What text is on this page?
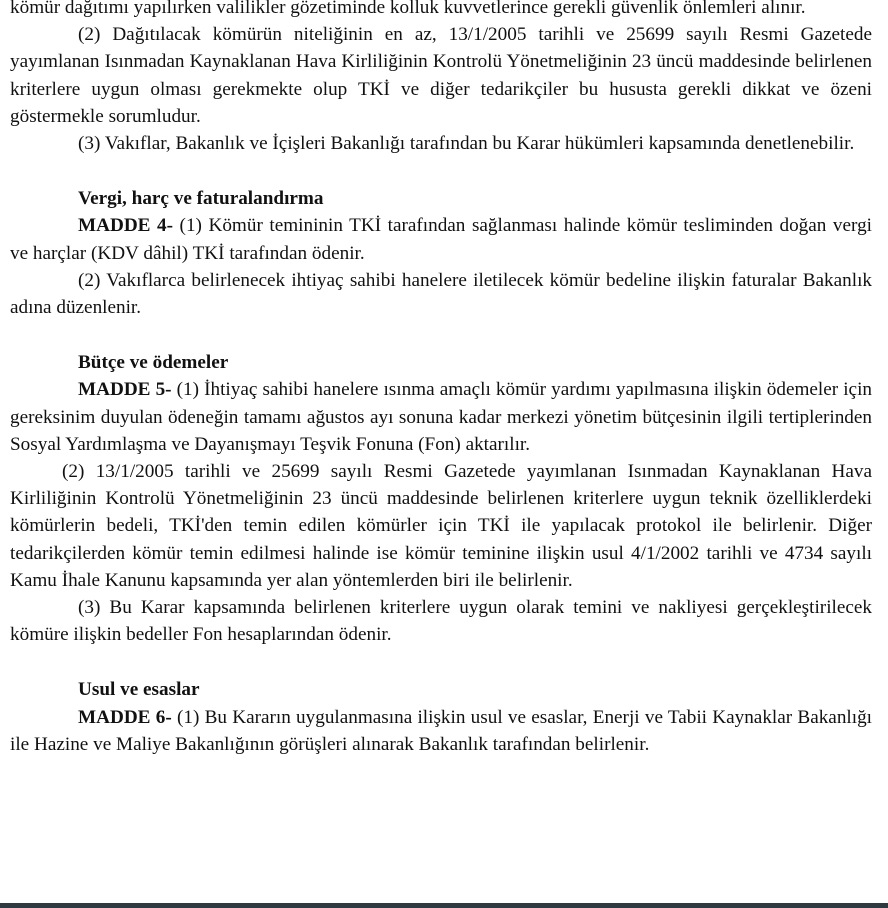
kömür dağıtımı yapılırken valilikler gözetiminde kolluk kuvvetlerince gerekli güvenlik önlemleri alınır.

(2) Dağıtılacak kömürün niteliğinin en az, 13/1/2005 tarihli ve 25699 sayılı Resmi Gazetede yayımlanan Isınmadan Kaynaklanan Hava Kirliliğinin Kontrolü Yönetmeliğinin 23 üncü maddesinde belirlenen kriterlere uygun olması gerekmekte olup TKİ ve diğer tedarikçiler bu hususta gerekli dikkat ve özeni göstermekle sorumludur.

(3) Vakıflar, Bakanlık ve İçişleri Bakanlığı tarafından bu Karar hükümleri kapsamında denetlenebilir.

Vergi, harç ve faturalandırma

MADDE 4- (1) Kömür temininin TKİ tarafından sağlanması halinde kömür tesliminden doğan vergi ve harçlar (KDV dâhil) TKİ tarafından ödenir.

(2) Vakıflarca belirlenecek ihtiyaç sahibi hanelere iletilecek kömür bedeline ilişkin faturalar Bakanlık adına düzenlenir.

Bütçe ve ödemeler

MADDE 5- (1) İhtiyaç sahibi hanelere ısınma amaçlı kömür yardımı yapılmasına ilişkin ödemeler için gereksinim duyulan ödeneğin tamamı ağustos ayı sonuna kadar merkezi yönetim bütçesinin ilgili tertiplerinden Sosyal Yardımlaşma ve Dayanışmayı Teşvik Fonuna (Fon) aktarılır.

(2) 13/1/2005 tarihli ve 25699 sayılı Resmi Gazetede yayımlanan Isınmadan Kaynaklanan Hava Kirliliğinin Kontrolü Yönetmeliğinin 23 üncü maddesinde belirlenen kriterlere uygun teknik özelliklerdeki kömürlerin bedeli, TKİ'den temin edilen kömürler için TKİ ile yapılacak protokol ile belirlenir. Diğer tedarikçilerden kömür temin edilmesi halinde ise kömür teminine ilişkin usul 4/1/2002 tarihli ve 4734 sayılı Kamu İhale Kanunu kapsamında yer alan yöntemlerden biri ile belirlenir.

(3) Bu Karar kapsamında belirlenen kriterlere uygun olarak temini ve nakliyesi gerçekleştirilecek kömüre ilişkin bedeller Fon hesaplarından ödenir.

Usul ve esaslar

MADDE 6- (1) Bu Kararın uygulanmasına ilişkin usul ve esaslar, Enerji ve Tabii Kaynaklar Bakanlığı ile Hazine ve Maliye Bakanlığının görüşleri alınarak Bakanlık tarafından belirlenir.
